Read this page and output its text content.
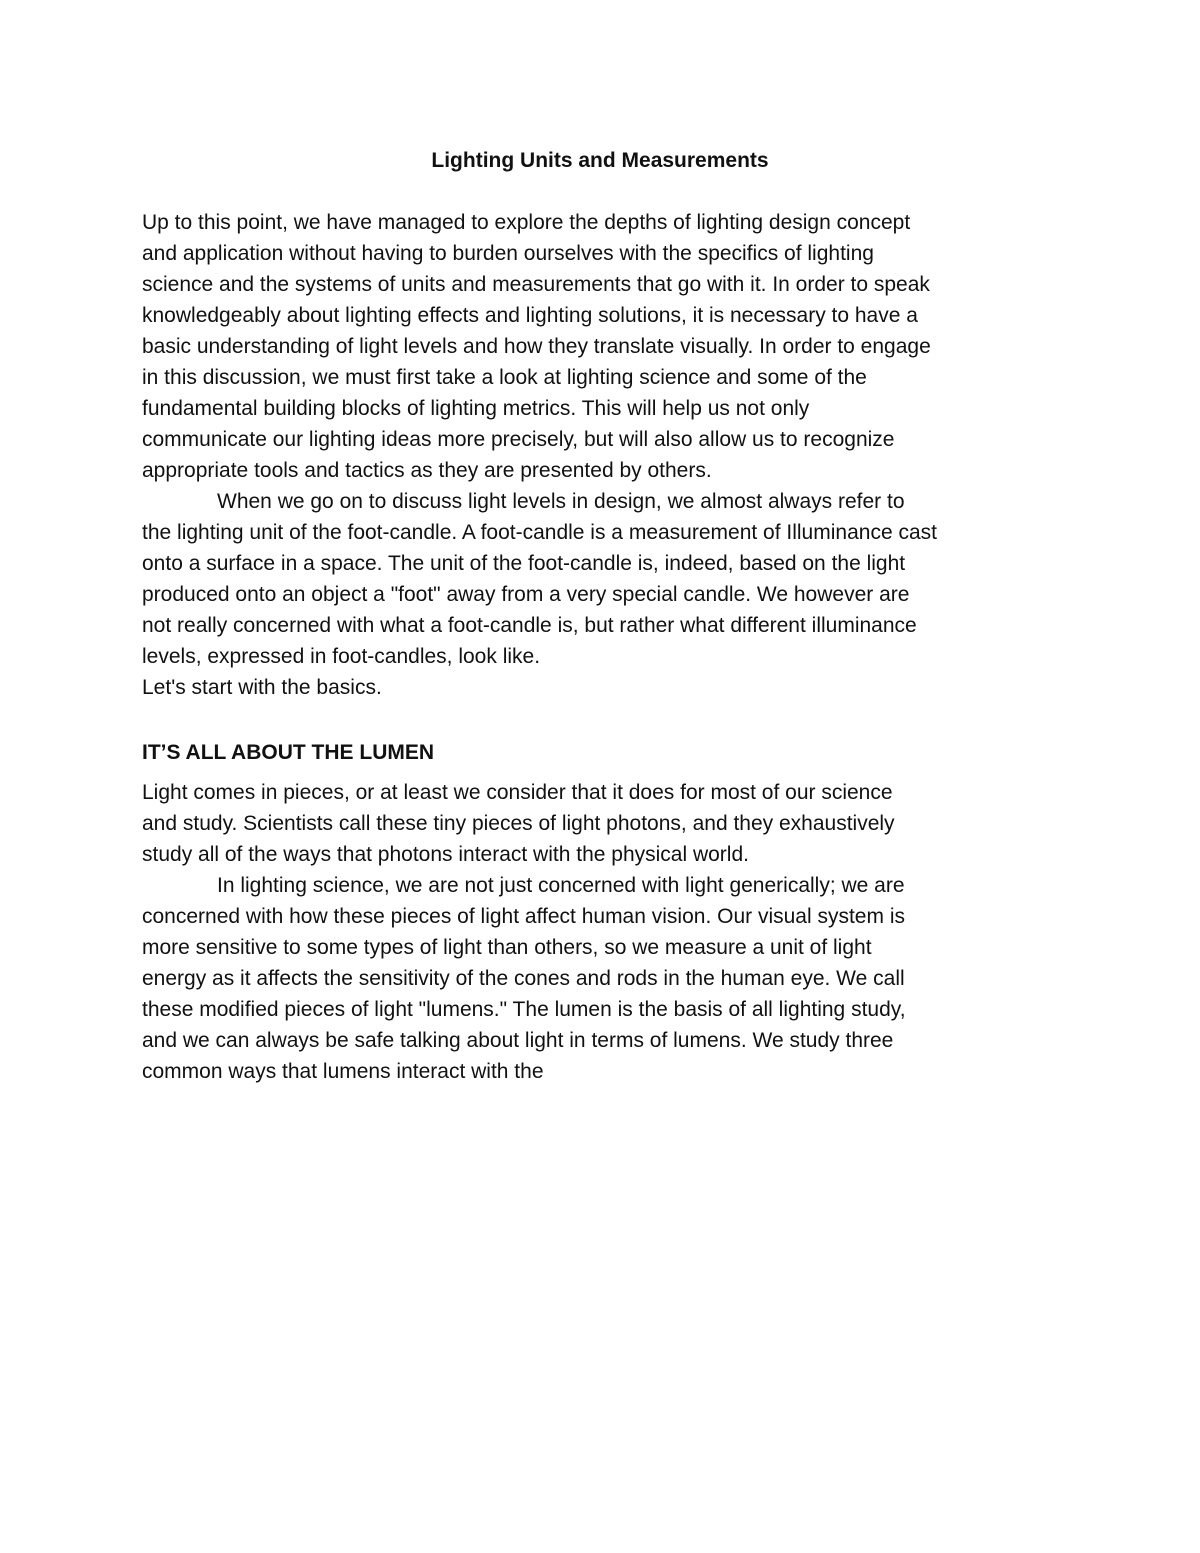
Lighting Units and Measurements

Up to this point, we have managed to explore the depths of lighting design concept

and application without having to burden ourselves with the specifics of lighting

science and the systems of units and measurements that go with it. In order to speak

knowledgeably about lighting effects and lighting solutions, it is necessary to have a

basic understanding of light levels and how they translate visually. In order to engage

in this discussion, we must first take a look at lighting science and some of the

fundamental building blocks of lighting metrics. This will help us not only

communicate our lighting ideas more precisely, but will also allow us to recognize

appropriate tools and tactics as they are presented by others.

When we go on to discuss light levels in design, we almost always refer to

the lighting unit of the foot-candle. A foot-candle is a measurement of Illuminance cast

onto a surface in a space. The unit of the foot-candle is, indeed, based on the light

produced onto an object a "foot" away from a very special candle. We however are

not really concerned with what a foot-candle is, but rather what different illuminance

levels, expressed in foot-candles, look like.

Let's start with the basics.

IT’S ALL ABOUT THE LUMEN

Light comes in pieces, or at least we consider that it does for most of our science

and study. Scientists call these tiny pieces of light photons, and they exhaustively

study all of the ways that photons interact with the physical world.

In lighting science, we are not just concerned with light generically; we are

concerned with how these pieces of light affect human vision. Our visual system is

more sensitive to some types of light than others, so we measure a unit of light

energy as it affects the sensitivity of the cones and rods in the human eye. We call

these modified pieces of light "lumens." The lumen is the basis of all lighting study,

and we can always be safe talking about light in terms of lumens. We study three

common ways that lumens interact with the
